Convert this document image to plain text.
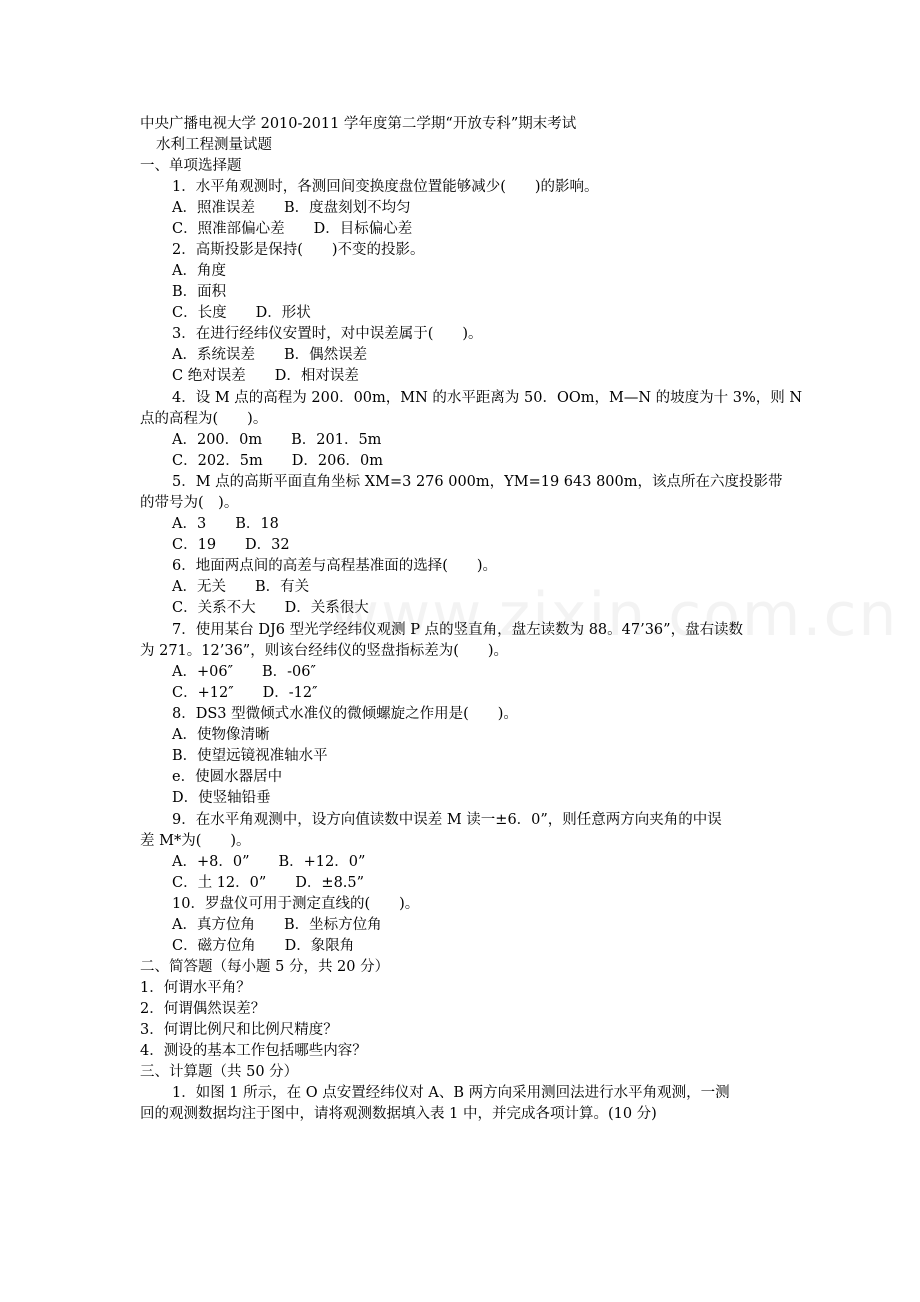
中央广播电视大学 2010-2011 学年度第二学期“开放专科”期末考试
水利工程测量试题
一、单项选择题
1．水平角观测时，各测回间变换度盘位置能够减少(　　)的影响。
A．照准误差　　B．度盘刻划不均匀
C．照准部偏心差　　D．目标偏心差
2．高斯投影是保持(　　)不变的投影。
A．角度
B．面积
C．长度　　D．形状
3．在进行经纬仪安置时，对中误差属于(　　)。
A．系统误差　　B．偶然误差
C 绝对误差　　D．相对误差
4．设 M 点的高程为 200．00m，MN 的水平距离为 50．OOm，M—N 的坡度为十 3%，则 N
点的高程为(　　)。
A．200．0m　　B．201．5m
C．202．5m　　D．206．0m
5．M 点的高斯平面直角坐标 XM=3 276 000m，YM=19 643 800m，该点所在六度投影带
的带号为(　)。
A．3　　B．18
C．19　　D．32
6．地面两点间的高差与高程基准面的选择(　　)。
A．无关　　B．有关
C．关系不大　　D．关系很大
7．使用某台 DJ6 型光学经纬仪观测 P 点的竖直角，盘左读数为 88。47’36”，盘右读数
为 271。12’36”，则该台经纬仪的竖盘指标差为(　　)。
A．+06″　　B．-06″
C．+12″　　D．-12″
8．DS3 型微倾式水准仪的微倾螺旋之作用是(　　)。
A．使物像清晰
B．使望远镜视准轴水平
e．使圆水器居中
D．使竖轴铅垂
9．在水平角观测中，设方向值读数中误差 M 读一±6．0”，则任意两方向夹角的中误
差 M*为(　　)。
A．+8．0”　　B．+12．0”
C．土 12．0”　　D．±8.5”
10．罗盘仪可用于测定直线的(　　)。
A．真方位角　　B．坐标方位角
C．磁方位角　　D．象限角
二、简答题（每小题 5 分，共 20 分）
1．何谓水平角？
2．何谓偶然误差？
3．何谓比例尺和比例尺精度？
4．测设的基本工作包括哪些内容？
三、计算题（共 50 分）
1．如图 1 所示，在 O 点安置经纬仪对 A、B 两方向采用测回法进行水平角观测，一测
回的观测数据均注于图中，请将观测数据填入表 1 中，并完成各项计算。(10 分)
